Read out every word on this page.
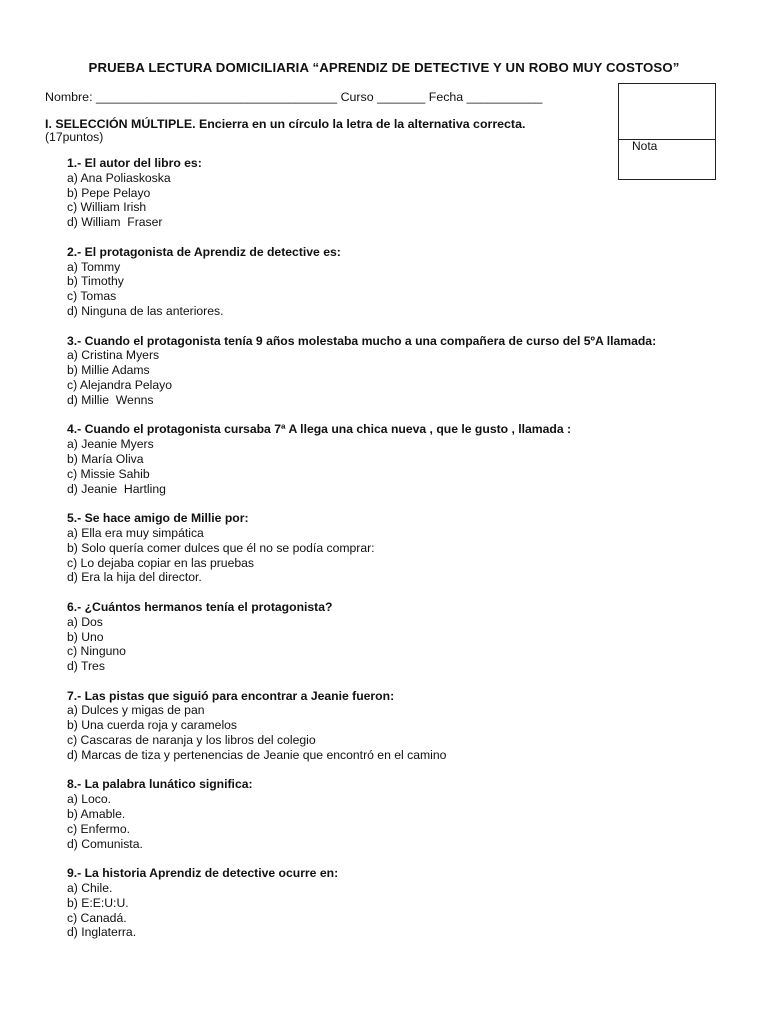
PRUEBA LECTURA DOMICILIARIA “APRENDIZ DE DETECTIVE Y UN ROBO MUY COSTOSO”
Nombre: ___________________________________ Curso _______ Fecha ___________
Nota
I. SELECCIÓN MÚLTIPLE. Encierra en un círculo la letra de la alternativa correcta.
(17puntos)
1.- El autor del libro es:
a) Ana Poliaskoska
b) Pepe Pelayo
c) William Irish
d) William  Fraser
2.- El protagonista de Aprendiz de detective es:
a) Tommy
b) Timothy
c) Tomas
d) Ninguna de las anteriores.
3.- Cuando el protagonista tenía 9 años molestaba mucho a una compañera de curso del 5ºA llamada:
a) Cristina Myers
b) Millie Adams
c) Alejandra Pelayo
d) Millie  Wenns
4.- Cuando el protagonista cursaba 7ª A llega una chica nueva , que le gusto , llamada :
a) Jeanie Myers
b) María Oliva
c) Missie Sahib
d) Jeanie  Hartling
5.- Se hace amigo de Millie por:
a) Ella era muy simpática
b) Solo quería comer dulces que él no se podía comprar:
c) Lo dejaba copiar en las pruebas
d) Era la hija del director.
6.- ¿Cuántos hermanos tenía el protagonista?
a) Dos
b) Uno
c) Ninguno
d) Tres
7.- Las pistas que siguió para encontrar a Jeanie fueron:
a) Dulces y migas de pan
b) Una cuerda roja y caramelos
c) Cascaras de naranja y los libros del colegio
d) Marcas de tiza y pertenencias de Jeanie que encontró en el camino
8.- La palabra lunático significa:
a) Loco.
b) Amable.
c) Enfermo.
d) Comunista.
9.- La historia Aprendiz de detective ocurre en:
a) Chile.
b) E:E:U:U.
c) Canadá.
d) Inglaterra.
